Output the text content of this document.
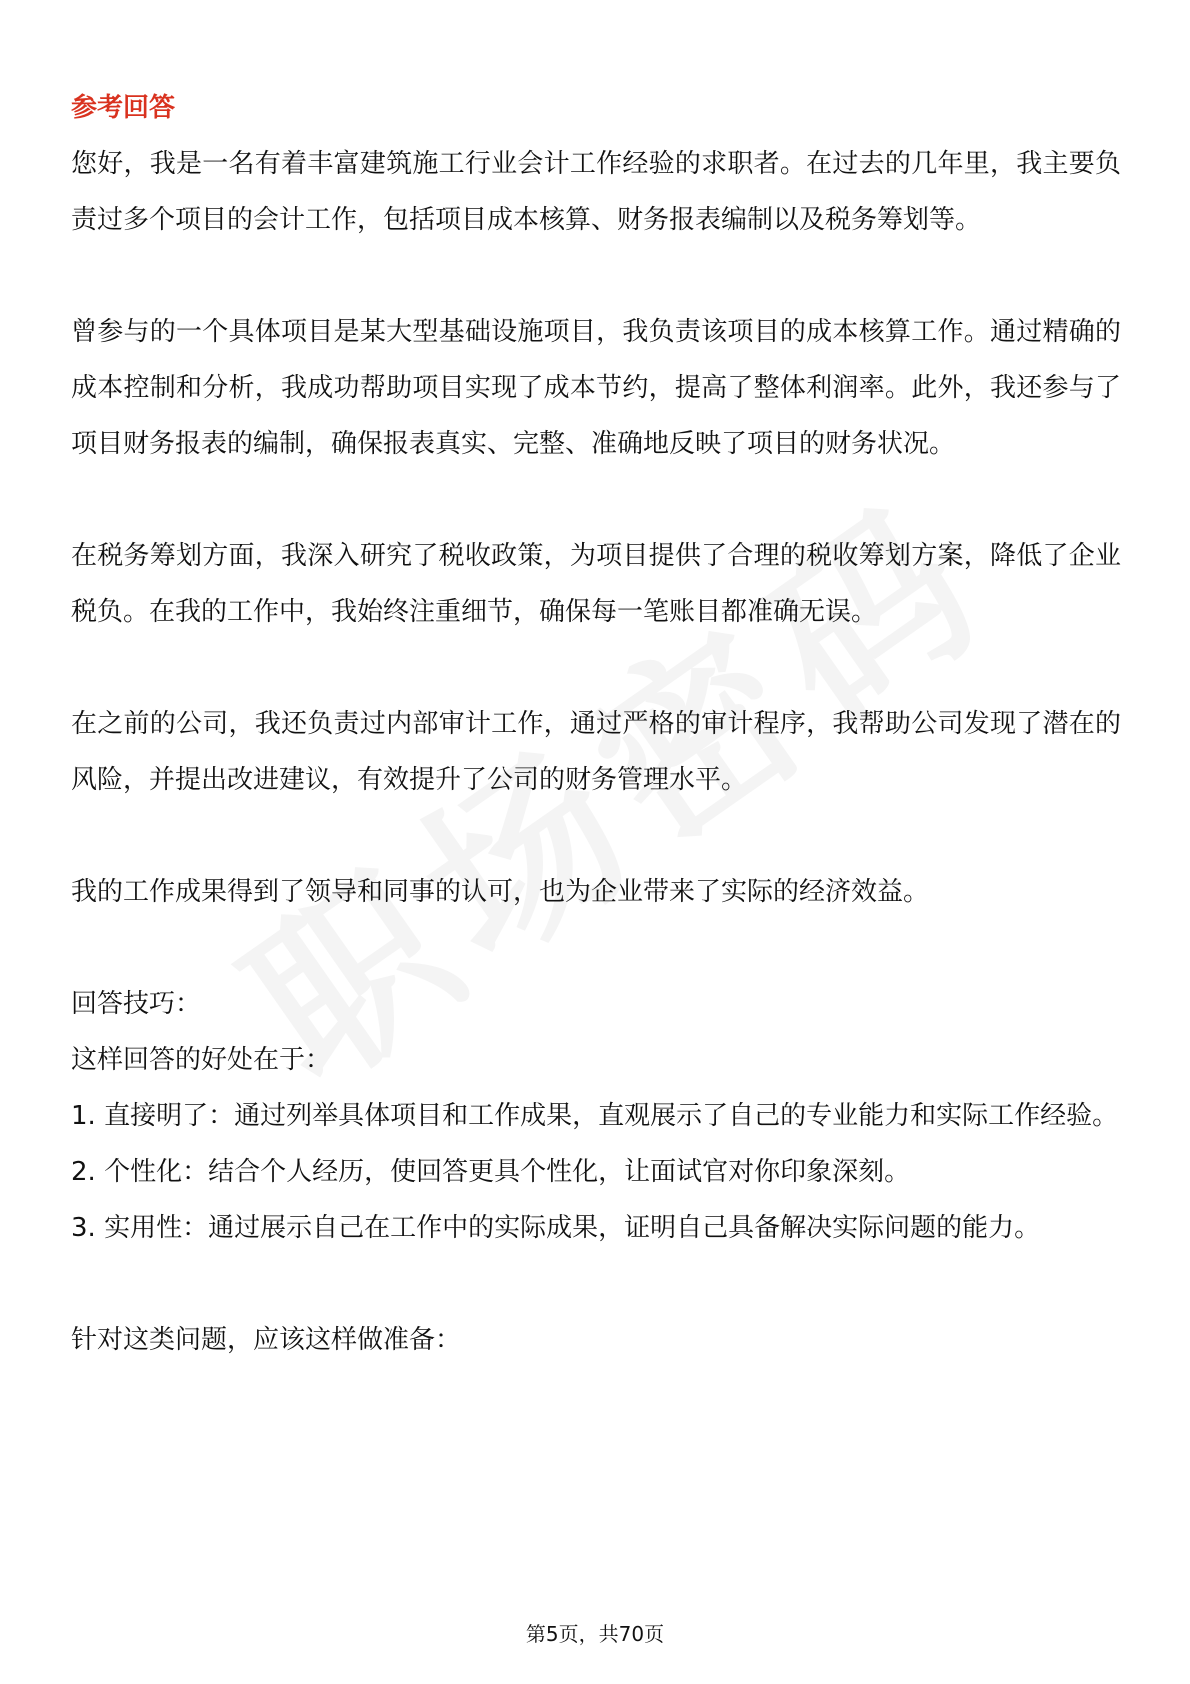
参考回答

您好，我是一名有着丰富建筑施工行业会计工作经验的求职者。在过去的几年里，我主要负责过多个项目的会计工作，包括项目成本核算、财务报表编制以及税务筹划等。

曾参与的一个具体项目是某大型基础设施项目，我负责该项目的成本核算工作。通过精确的成本控制和分析，我成功帮助项目实现了成本节约，提高了整体利润率。此外，我还参与了项目财务报表的编制，确保报表真实、完整、准确地反映了项目的财务状况。

在税务筹划方面，我深入研究了税收政策，为项目提供了合理的税收筹划方案，降低了企业税负。在我的工作中，我始终注重细节，确保每一笔账目都准确无误。

在之前的公司，我还负责过内部审计工作，通过严格的审计程序，我帮助公司发现了潜在的风险，并提出改进建议，有效提升了公司的财务管理水平。

我的工作成果得到了领导和同事的认可，也为企业带来了实际的经济效益。

回答技巧：

这样回答的好处在于：

1. 直接明了：通过列举具体项目和工作成果，直观展示了自己的专业能力和实际工作经验。

2. 个性化：结合个人经历，使回答更具个性化，让面试官对你印象深刻。

3. 实用性：通过展示自己在工作中的实际成果，证明自己具备解决实际问题的能力。

针对这类问题，应该这样做准备：

第5页，共70页
